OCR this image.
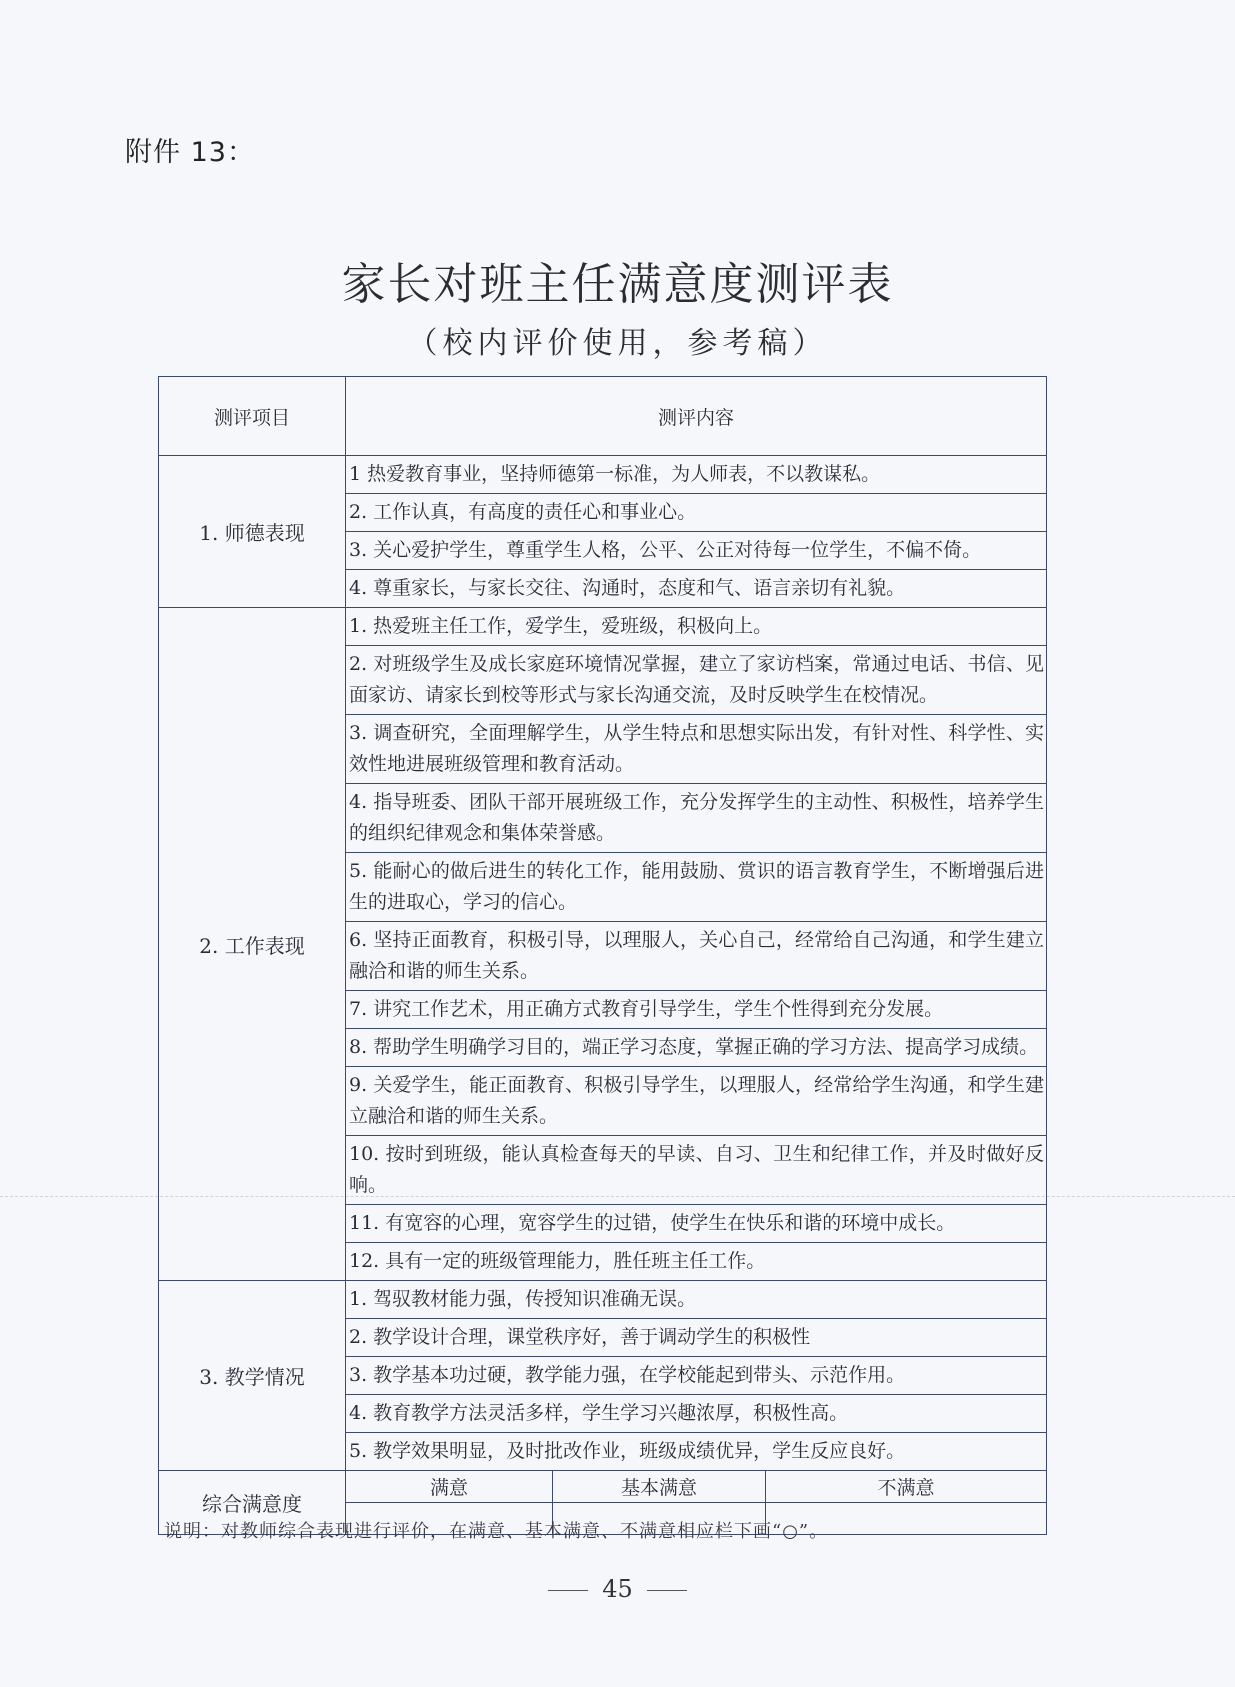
附件 13：
家长对班主任满意度测评表
（校内评价使用，参考稿）
测评项目	测评内容		
1. 师德表现	1 热爱教育事业，坚持师德第一标准，为人师表，不以教谋私。		
	2. 工作认真，有高度的责任心和事业心。		
	3. 关心爱护学生，尊重学生人格，公平、公正对待每一位学生，不偏不倚。		
	4. 尊重家长，与家长交往、沟通时，态度和气、语言亲切有礼貌。		
2. 工作表现	1. 热爱班主任工作，爱学生，爱班级，积极向上。		
	2. 对班级学生及成长家庭环境情况掌握，建立了家访档案，常通过电话、书信、见面家访、请家长到校等形式与家长沟通交流，及时反映学生在校情况。		
	3. 调查研究，全面理解学生，从学生特点和思想实际出发，有针对性、科学性、实效性地进展班级管理和教育活动。		
	4. 指导班委、团队干部开展班级工作，充分发挥学生的主动性、积极性，培养学生的组织纪律观念和集体荣誉感。		
	5. 能耐心的做后进生的转化工作，能用鼓励、赏识的语言教育学生，不断增强后进生的进取心，学习的信心。		
	6. 坚持正面教育，积极引导，以理服人，关心自己，经常给自己沟通，和学生建立融洽和谐的师生关系。		
	7. 讲究工作艺术，用正确方式教育引导学生，学生个性得到充分发展。		
	8. 帮助学生明确学习目的，端正学习态度，掌握正确的学习方法、提高学习成绩。		
	9. 关爱学生，能正面教育、积极引导学生，以理服人，经常给学生沟通，和学生建立融洽和谐的师生关系。		
	10. 按时到班级，能认真检查每天的早读、自习、卫生和纪律工作，并及时做好反响。		
	11. 有宽容的心理，宽容学生的过错，使学生在快乐和谐的环境中成长。		
	12. 具有一定的班级管理能力，胜任班主任工作。		
3. 教学情况	1. 驾驭教材能力强，传授知识准确无误。		
	2. 教学设计合理，课堂秩序好，善于调动学生的积极性		
	3. 教学基本功过硬，教学能力强，在学校能起到带头、示范作用。		
	4. 教育教学方法灵活多样，学生学习兴趣浓厚，积极性高。		
	5. 教学效果明显，及时批改作业，班级成绩优异，学生反应良好。		
综合满意度	满意	基本满意	不满意

说明：对教师综合表现进行评价，在满意、基本满意、不满意相应栏下画“○”。
45
